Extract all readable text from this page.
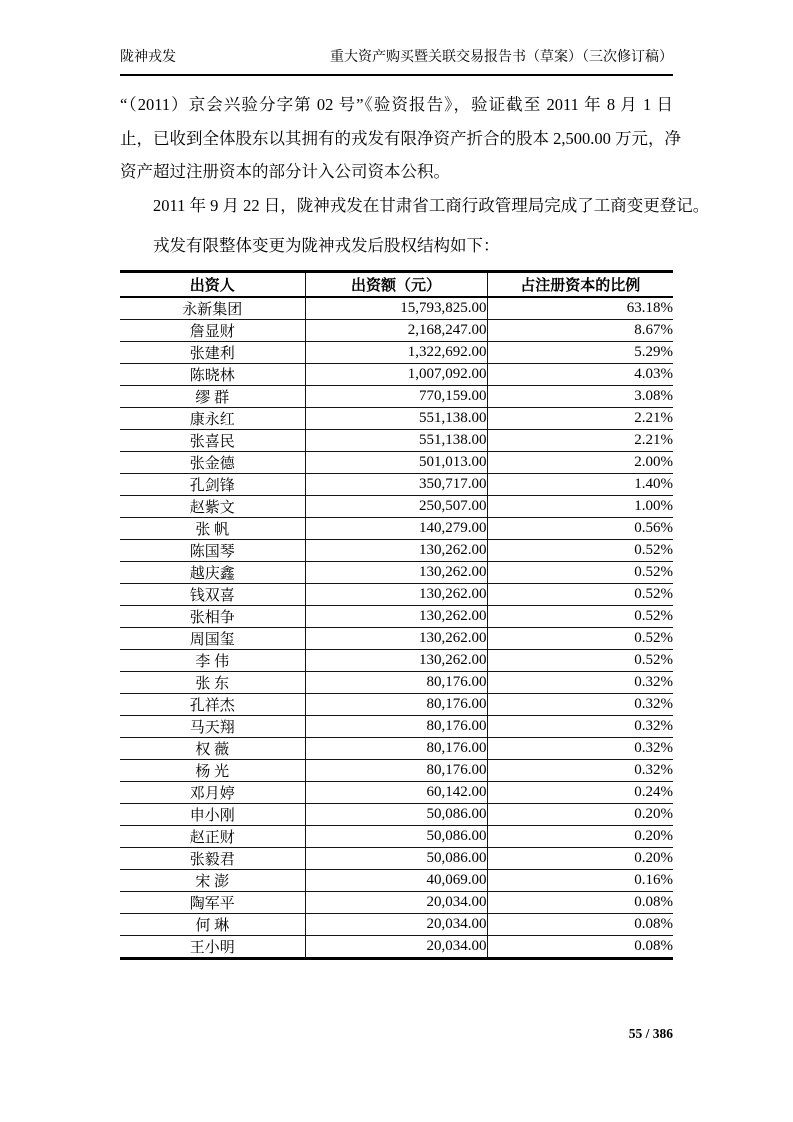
陇神戎发	重大资产购买暨关联交易报告书（草案）（三次修订稿）
“（2011）京会兴验分字第 02 号”《验资报告》，验证截至 2011 年 8 月 1 日
止，已收到全体股东以其拥有的戎发有限净资产折合的股本 2,500.00 万元，净
资产超过注册资本的部分计入公司资本公积。
2011 年 9 月 22 日，陇神戎发在甘肃省工商行政管理局完成了工商变更登记。
戎发有限整体变更为陇神戎发后股权结构如下：
出资人	出资额（元）	占注册资本的比例
永新集团	15,793,825.00	63.18%
詹显财	2,168,247.00	8.67%
张建利	1,322,692.00	5.29%
陈晓林	1,007,092.00	4.03%
缪 群	770,159.00	3.08%
康永红	551,138.00	2.21%
张喜民	551,138.00	2.21%
张金德	501,013.00	2.00%
孔剑锋	350,717.00	1.40%
赵紫文	250,507.00	1.00%
张 帆	140,279.00	0.56%
陈国琴	130,262.00	0.52%
越庆鑫	130,262.00	0.52%
钱双喜	130,262.00	0.52%
张相争	130,262.00	0.52%
周国玺	130,262.00	0.52%
李 伟	130,262.00	0.52%
张 东	80,176.00	0.32%
孔祥杰	80,176.00	0.32%
马天翔	80,176.00	0.32%
权 薇	80,176.00	0.32%
杨 光	80,176.00	0.32%
邓月婷	60,142.00	0.24%
申小刚	50,086.00	0.20%
赵正财	50,086.00	0.20%
张毅君	50,086.00	0.20%
宋 澎	40,069.00	0.16%
陶军平	20,034.00	0.08%
何 琳	20,034.00	0.08%
王小明	20,034.00	0.08%
55 / 386
